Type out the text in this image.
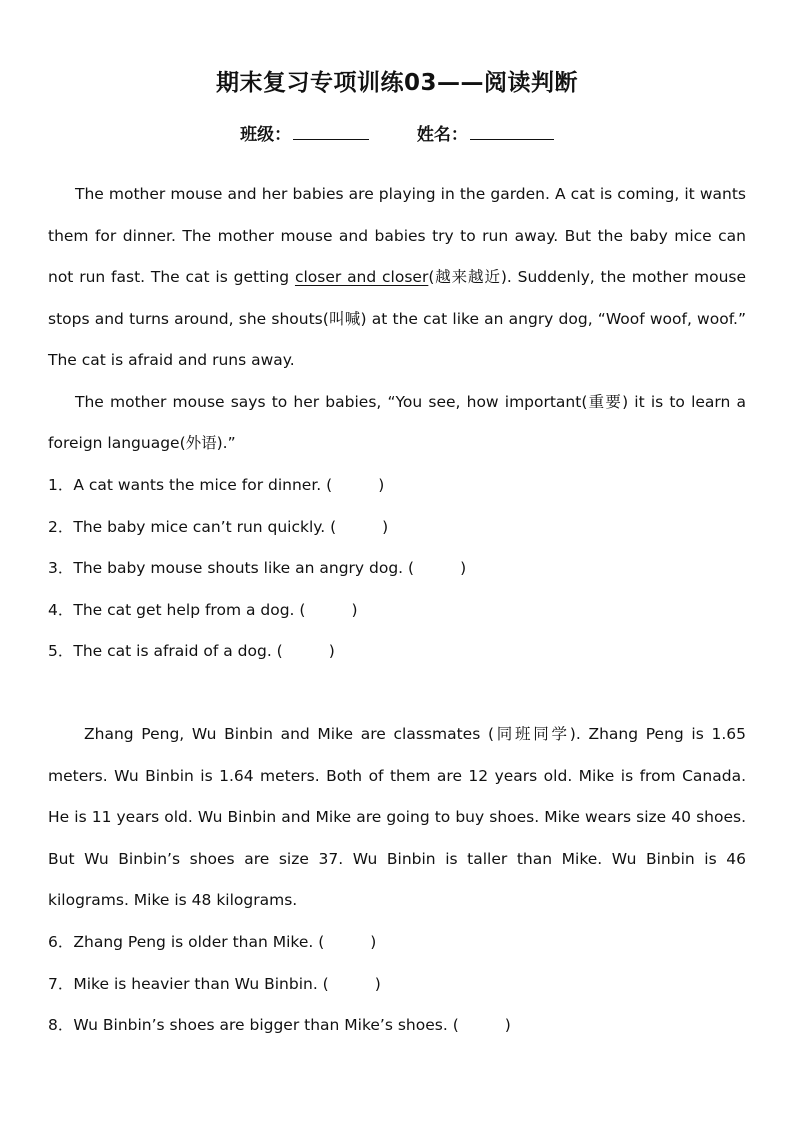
期末复习专项训练03——阅读判断
班级：	姓名：

The mother mouse and her babies are playing in the garden. A cat is coming, it wants them for dinner. The mother mouse and babies try to run away. But the baby mice can not run fast. The cat is getting closer and closer(越来越近). Suddenly, the mother mouse stops and turns around, she shouts(叫喊) at the cat like an angry dog, “Woof woof, woof.” The cat is afraid and runs away.

The mother mouse says to her babies, “You see, how important(重要) it is to learn a foreign language(外语).”

1．A cat wants the mice for dinner. (	)
2．The baby mice can’t run quickly. (	)
3．The baby mouse shouts like an angry dog. (	)
4．The cat get help from a dog. (	)
5．The cat is afraid of a dog. (	)

Zhang Peng, Wu Binbin and Mike are classmates (同班同学). Zhang Peng is 1.65 meters. Wu Binbin is 1.64 meters. Both of them are 12 years old. Mike is from Canada. He is 11 years old. Wu Binbin and Mike are going to buy shoes. Mike wears size 40 shoes. But Wu Binbin’s shoes are size 37. Wu Binbin is taller than Mike. Wu Binbin is 46 kilograms. Mike is 48 kilograms.

6．Zhang Peng is older than Mike. (	)
7．Mike is heavier than Wu Binbin. (	)
8．Wu Binbin’s shoes are bigger than Mike’s shoes. (	)
